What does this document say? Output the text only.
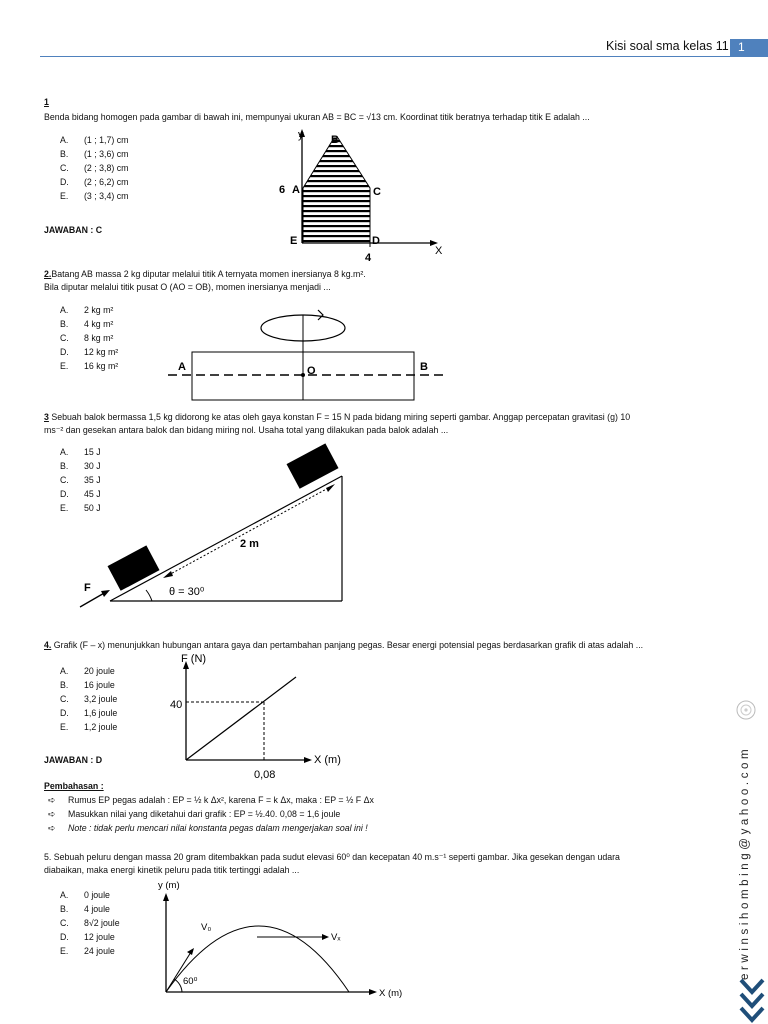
Kisi soal sma kelas 11 1
1
Benda bidang homogen pada gambar di bawah ini, mempunyai ukuran AB = BC = √13 cm. Koordinat titik beratnya terhadap titik E adalah ...
A. (1 ; 1,7) cm
B. (1 ; 3,6) cm
C. (2 ; 3,8) cm
D. (2 ; 6,2) cm
E. (3 ; 3,4) cm
JAWABAN : C
y	B
6 A	C
E	D
4
X
2.Batang AB massa 2 kg diputar melalui titik A ternyata momen inersianya 8 kg.m².
Bila diputar melalui titik pusat O (AO = OB), momen inersianya menjadi ...
A. 2 kg m²
B. 4 kg m²
C. 8 kg m²
D. 12 kg m²
E. 16 kg m²	A	O	B
3 Sebuah balok bermassa 1,5 kg didorong ke atas oleh gaya konstan F = 15 N pada bidang miring seperti gambar. Anggap percepatan gravitasi (g) 10
ms⁻² dan gesekan antara balok dan bidang miring nol. Usaha total yang dilakukan pada balok adalah ...
A. 15 J
B. 30 J
C. 35 J
D. 45 J
E. 50 J
F
2 m
θ = 30⁰
4. Grafik (F – x) menunjukkan hubungan antara gaya dan pertambahan panjang pegas. Besar energi potensial pegas berdasarkan grafik di atas adalah ...
A. 20 joule
B. 16 joule
C. 3,2 joule
D. 1,6 joule
E. 1,2 joule
JAWABAN : D
F (N)
40
X (m)
0,08
Pembahasan :
➪ Rumus EP pegas adalah : EP = ½ k Δx², karena F = k Δx, maka : EP = ½ F Δx
➪ Masukkan nilai yang diketahui dari grafik : EP = ½.40. 0,08 = 1,6 joule
➪ Note : tidak perlu mencari nilai konstanta pegas dalam mengerjakan soal ini !
5. Sebuah peluru dengan massa 20 gram ditembakkan pada sudut elevasi 60⁰ dan kecepatan 40 m.s⁻¹ seperti gambar. Jika gesekan dengan udara
diabaikan, maka energi kinetik peluru pada titik tertinggi adalah ...
A. 0 joule
B. 4 joule
C. 8√2 joule
D. 12 joule
E. 24 joule
y (m)
X (m)
V₀
Vₓ
60⁰
erwinsihombing@yahoo.com
